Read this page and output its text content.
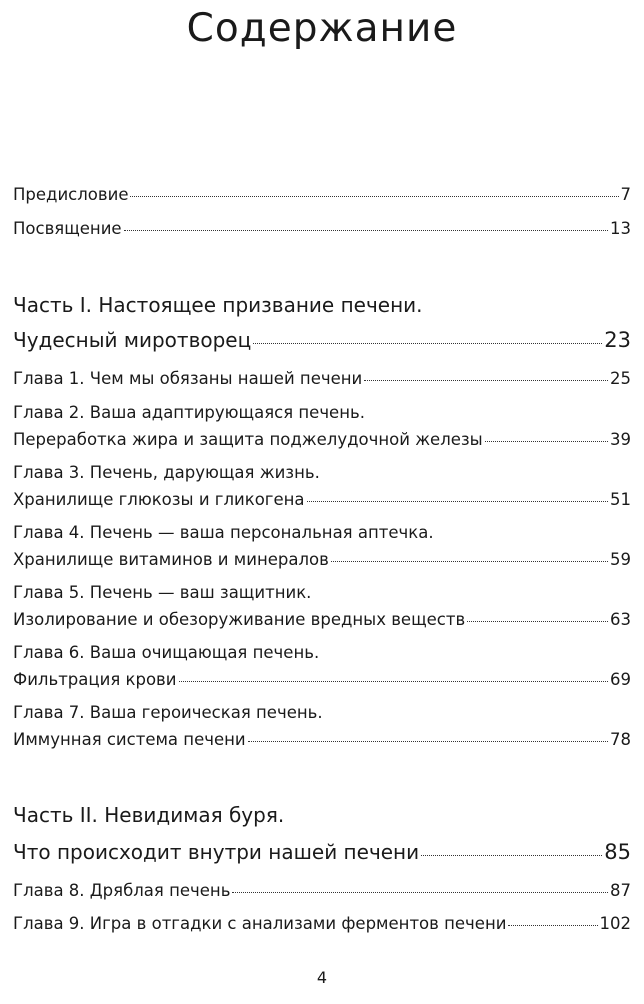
Содержание
Предисловие	7
Посвящение	13
Часть I. Настоящее призвание печени.
Чудесный миротворец	23
Глава 1. Чем мы обязаны нашей печени	25
Глава 2. Ваша адаптирующаяся печень.
Переработка жира и защита поджелудочной железы	39
Глава 3. Печень, дарующая жизнь.
Хранилище глюкозы и гликогена	51
Глава 4. Печень — ваша персональная аптечка.
Хранилище витаминов и минералов	59
Глава 5. Печень — ваш защитник.
Изолирование и обезоруживание вредных веществ	63
Глава 6. Ваша очищающая печень.
Фильтрация крови	69
Глава 7. Ваша героическая печень.
Иммунная система печени	78
Часть II. Невидимая буря.
Что происходит внутри нашей печени	85
Глава 8. Дряблая печень	87
Глава 9. Игра в отгадки с анализами ферментов печени	102
4
